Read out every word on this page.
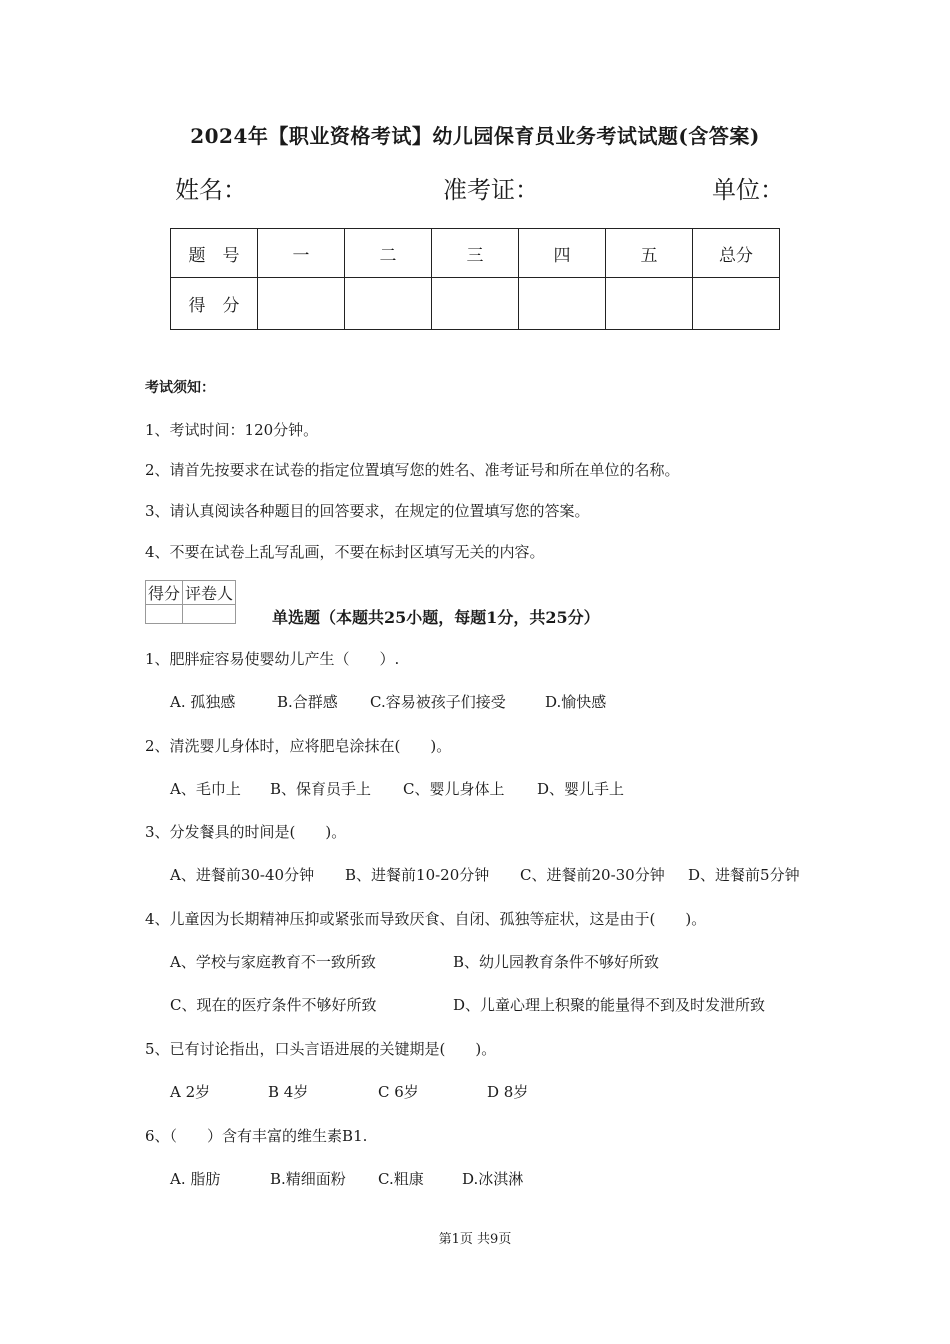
2024年【职业资格考试】幼儿园保育员业务考试试题(含答案)
姓名：	准考证：	单位：
题　号	一	二	三	四	五	总分
得　分						
考试须知：
1、考试时间：120分钟。
2、请首先按要求在试卷的指定位置填写您的姓名、准考证号和所在单位的名称。
3、请认真阅读各种题目的回答要求，在规定的位置填写您的答案。
4、不要在试卷上乱写乱画，不要在标封区填写无关的内容。
得分	评卷人

单选题（本题共25小题，每题1分，共25分）
1、肥胖症容易使婴幼儿产生（　　）.
A. 孤独感	B.合群感 C.容易被孩子们接受	D.愉快感
2、清洗婴儿身体时，应将肥皂涂抹在(　　)。
A、毛巾上 B、保育员手上 C、婴儿身体上 D、婴儿手上
3、分发餐具的时间是(　　)。
A、进餐前30-40分钟 B、进餐前10-20分钟 C、进餐前20-30分钟 D、进餐前5分钟
4、儿童因为长期精神压抑或紧张而导致厌食、自闭、孤独等症状，这是由于(　　)。
A、学校与家庭教育不一致所致	B、幼儿园教育条件不够好所致
C、现在的医疗条件不够好所致	D、儿童心理上积聚的能量得不到及时发泄所致
5、已有讨论指出，口头言语进展的关键期是(　　)。
A 2岁	B 4岁	C 6岁	D 8岁
6、（　　）含有丰富的维生素B1.
A. 脂肪	B.精细面粉 C.粗康	D.冰淇淋
第1页 共9页
